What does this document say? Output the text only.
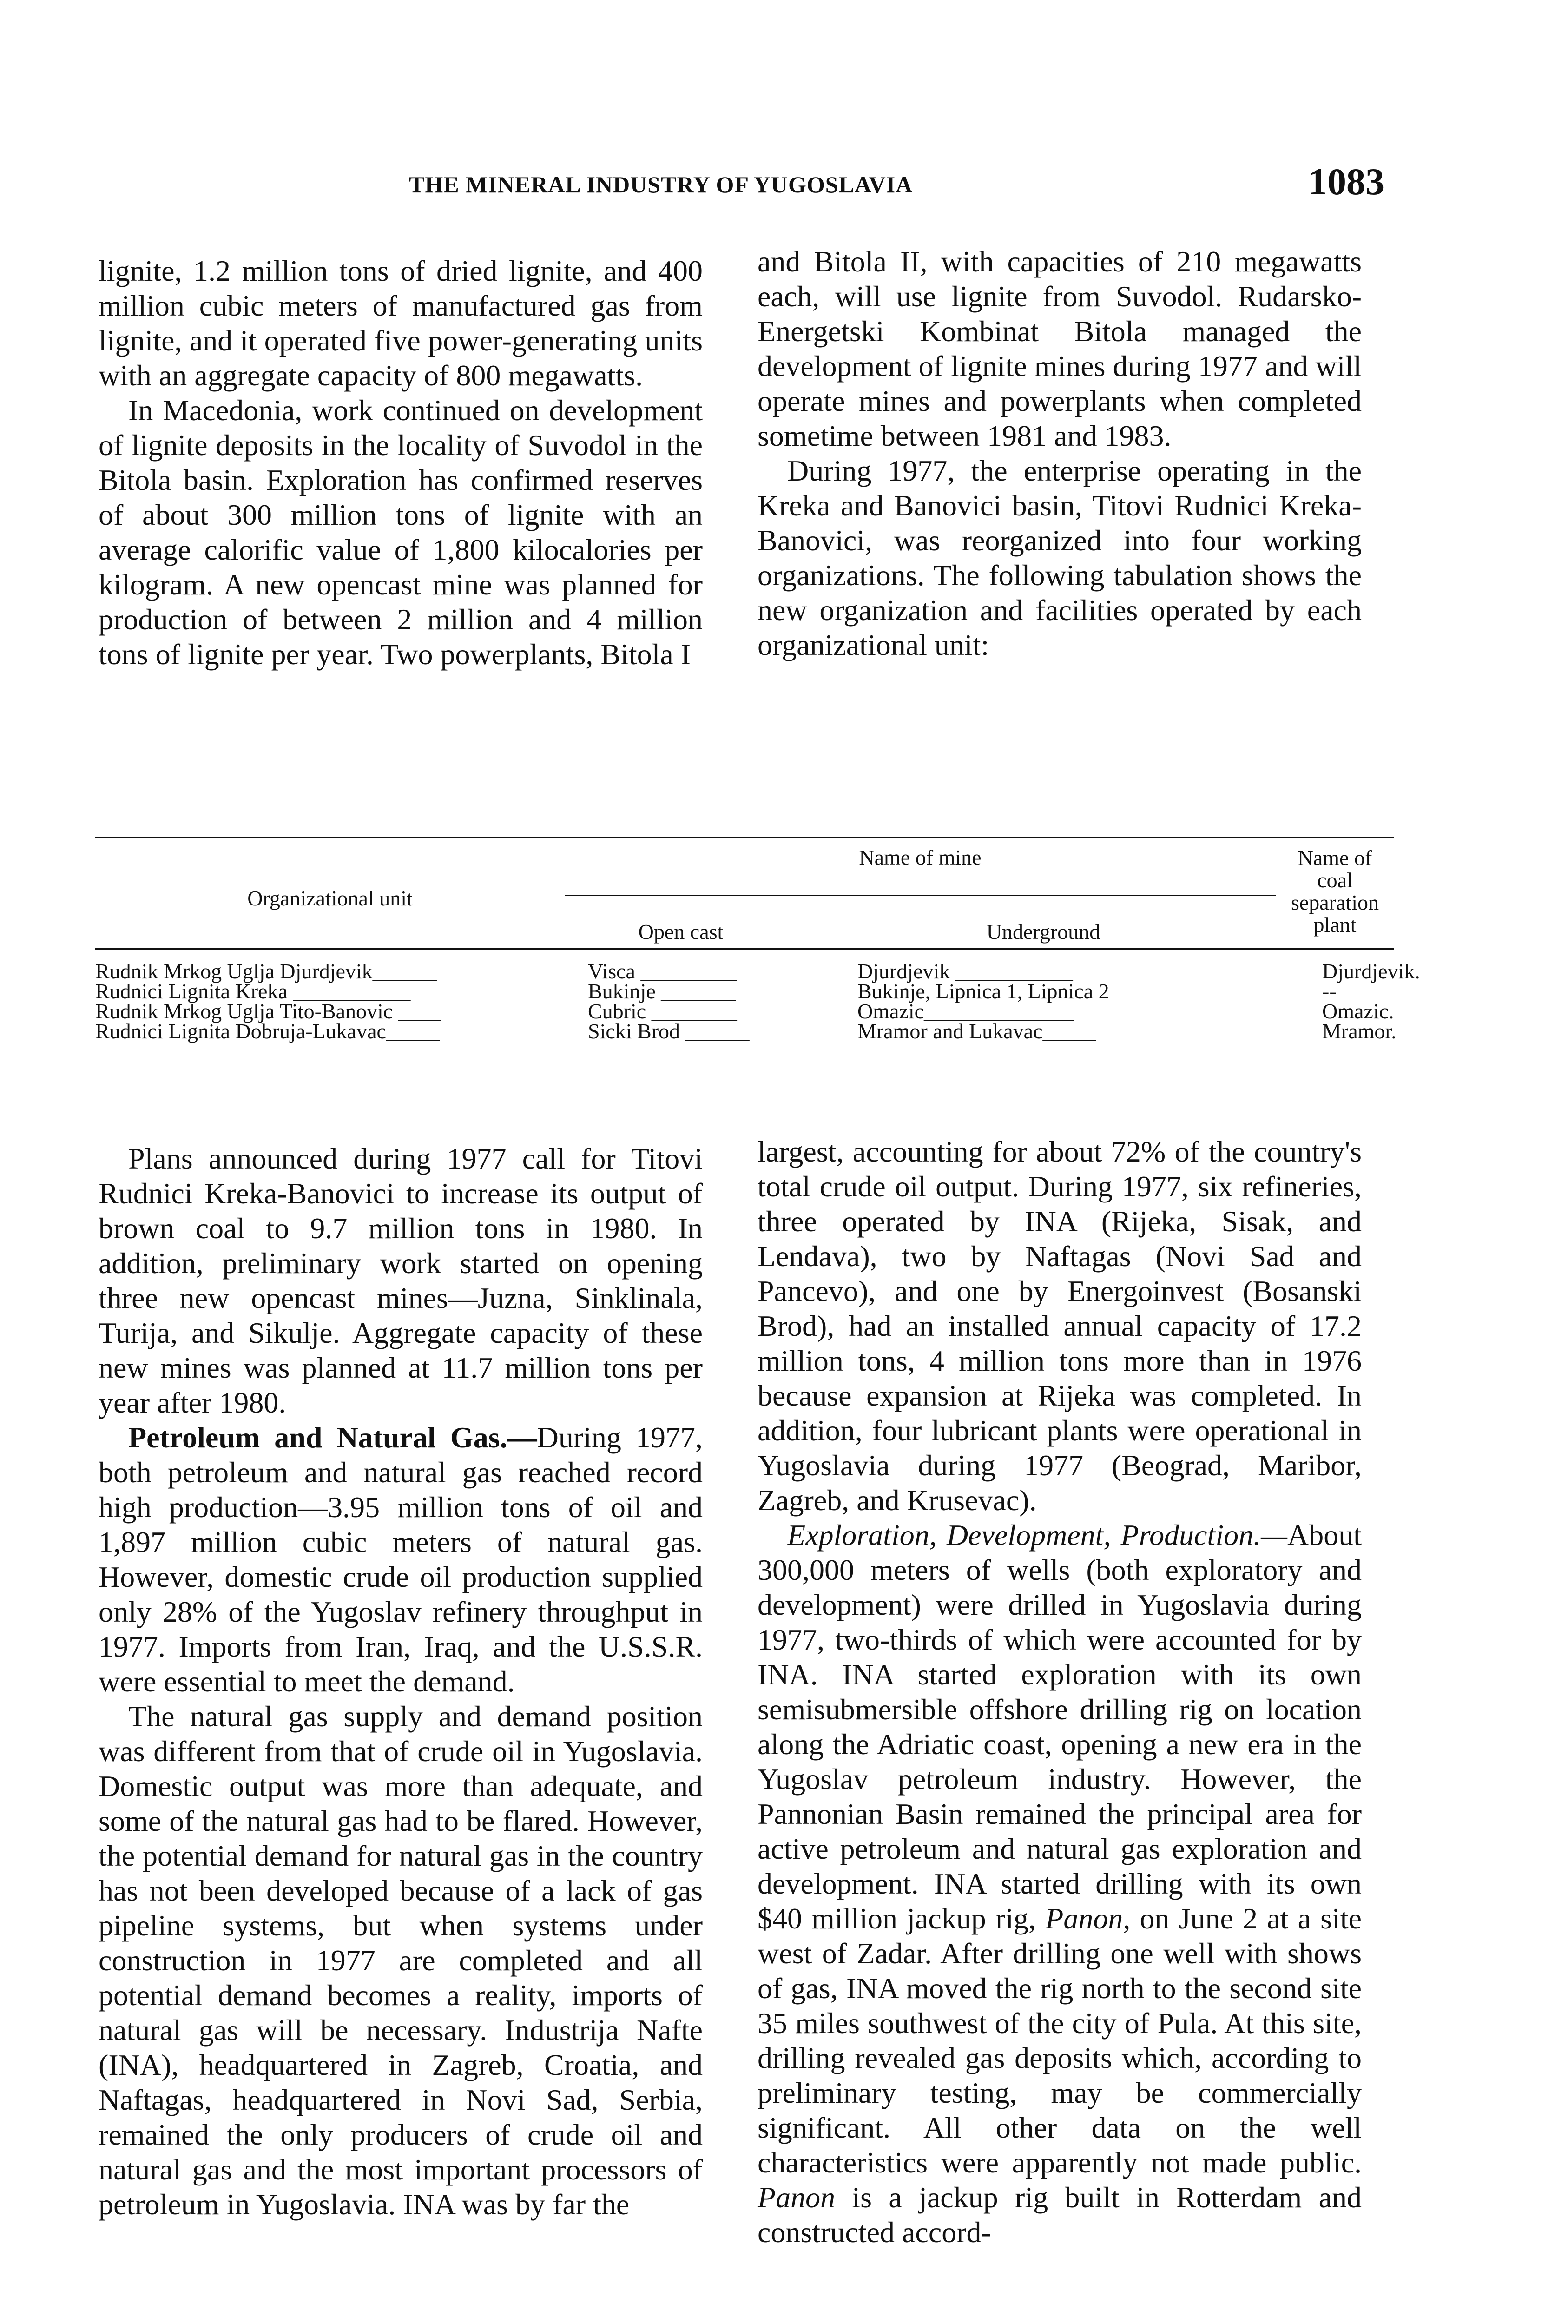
THE MINERAL INDUSTRY OF YUGOSLAVIA	1083

lignite, 1.2 million tons of dried lignite, and 400 million cubic meters of manufactured gas from lignite, and it operated five power-generating units with an aggregate capacity of 800 megawatts.

In Macedonia, work continued on development of lignite deposits in the locality of Suvodol in the Bitola basin. Exploration has confirmed reserves of about 300 million tons of lignite with an average calorific value of 1,800 kilocalories per kilogram. A new opencast mine was planned for production of between 2 million and 4 million tons of lignite per year. Two powerplants, Bitola I

and Bitola II, with capacities of 210 megawatts each, will use lignite from Suvodol. Rudarsko-Energetski Kombinat Bitola managed the development of lignite mines during 1977 and will operate mines and powerplants when completed sometime between 1981 and 1983.

During 1977, the enterprise operating in the Kreka and Banovici basin, Titovi Rudnici Kreka-Banovici, was reorganized into four working organizations. The following tabulation shows the new organization and facilities operated by each organizational unit:

Organizational unit
Name of mine
Open cast	Underground
Name of
coal
separation
plant
Rudnik Mrkog Uglja Djurdjevik______	Visca _________	Djurdjevik ___________	Djurdjevik.
Rudnici Lignita Kreka ___________	Bukinje _______	Bukinje, Lipnica 1, Lipnica 2	--
Rudnik Mrkog Uglja Tito-Banovic ____	Cubric ________	Omazic______________	Omazic.
Rudnici Lignita Dobruja-Lukavac_____	Sicki Brod ______	Mramor and Lukavac_____	Mramor.

Plans announced during 1977 call for Titovi Rudnici Kreka-Banovici to increase its output of brown coal to 9.7 million tons in 1980. In addition, preliminary work started on opening three new opencast mines—Juzna, Sinklinala, Turija, and Sikulje. Aggregate capacity of these new mines was planned at 11.7 million tons per year after 1980.

Petroleum and Natural Gas.—During 1977, both petroleum and natural gas reached record high production—3.95 million tons of oil and 1,897 million cubic meters of natural gas. However, domestic crude oil production supplied only 28% of the Yugoslav refinery throughput in 1977. Imports from Iran, Iraq, and the U.S.S.R. were essential to meet the demand.

The natural gas supply and demand position was different from that of crude oil in Yugoslavia. Domestic output was more than adequate, and some of the natural gas had to be flared. However, the potential demand for natural gas in the country has not been developed because of a lack of gas pipeline systems, but when systems under construction in 1977 are completed and all potential demand becomes a reality, imports of natural gas will be necessary. Industrija Nafte (INA), headquartered in Zagreb, Croatia, and Naftagas, headquartered in Novi Sad, Serbia, remained the only producers of crude oil and natural gas and the most important processors of petroleum in Yugoslavia. INA was by far the

largest, accounting for about 72% of the country's total crude oil output. During 1977, six refineries, three operated by INA (Rijeka, Sisak, and Lendava), two by Naftagas (Novi Sad and Pancevo), and one by Energoinvest (Bosanski Brod), had an installed annual capacity of 17.2 million tons, 4 million tons more than in 1976 because expansion at Rijeka was completed. In addition, four lubricant plants were operational in Yugoslavia during 1977 (Beograd, Maribor, Zagreb, and Krusevac).

Exploration, Development, Production.—About 300,000 meters of wells (both exploratory and development) were drilled in Yugoslavia during 1977, two-thirds of which were accounted for by INA. INA started exploration with its own semisubmersible offshore drilling rig on location along the Adriatic coast, opening a new era in the Yugoslav petroleum industry. However, the Pannonian Basin remained the principal area for active petroleum and natural gas exploration and development. INA started drilling with its own $40 million jackup rig, Panon, on June 2 at a site west of Zadar. After drilling one well with shows of gas, INA moved the rig north to the second site 35 miles southwest of the city of Pula. At this site, drilling revealed gas deposits which, according to preliminary testing, may be commercially significant. All other data on the well characteristics were apparently not made public. Panon is a jackup rig built in Rotterdam and constructed accord-
